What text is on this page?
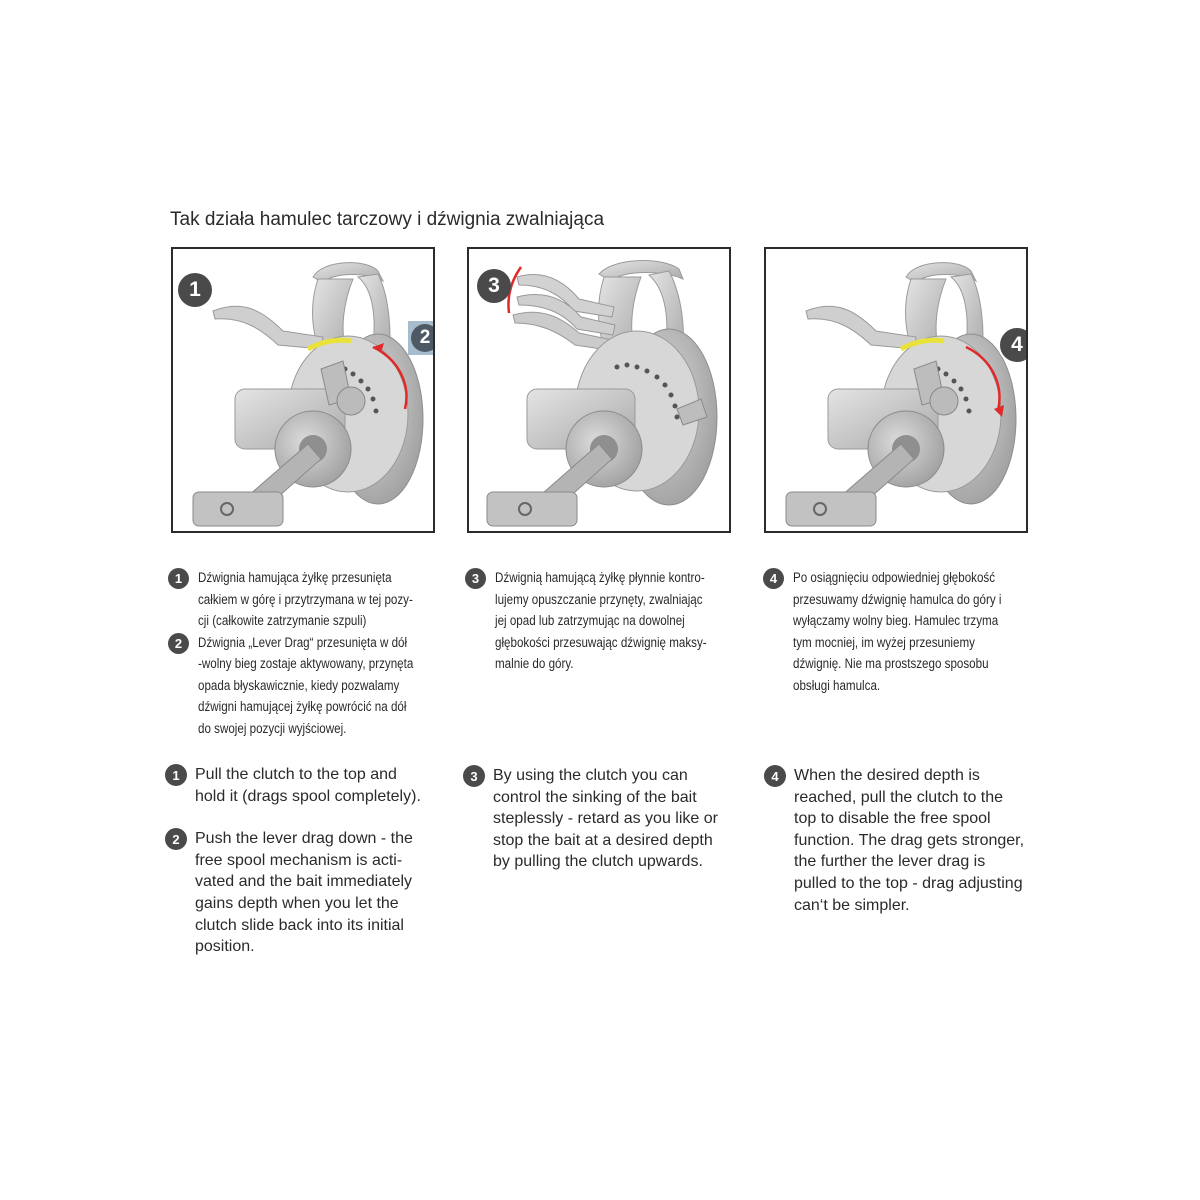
Tak działa hamulec tarczowy i dźwignia zwalniająca
1
2
3
4
1	Dźwignia hamująca żyłkę przesunięta
całkiem w górę i przytrzymana w tej pozy-
cji (całkowite zatrzymanie szpuli)
2	Dźwignia „Lever Drag“ przesunięta w dół
-wolny bieg zostaje aktywowany, przynęta
opada błyskawicznie, kiedy pozwalamy
dźwigni hamującej żyłkę powrócić na dół
do swojej pozycji wyjściowej.
3	Dźwignią hamującą żyłkę płynnie kontro-
lujemy opuszczanie przynęty, zwalniając
jej opad lub zatrzymując na dowolnej
głębokości przesuwając dźwignię maksy-
malnie do góry.
4	Po osiągnięciu odpowiedniej głębokość
przesuwamy dźwignię hamulca do góry i
wyłączamy wolny bieg. Hamulec trzyma
tym mocniej, im wyżej przesuniemy
dźwignię. Nie ma prostszego sposobu
obsługi hamulca.
1 Pull the clutch to the top and
hold it (drags spool completely).
2 Push the lever drag down - the
free spool mechanism is acti-
vated and the bait immediately
gains depth when you let the
clutch slide back into its initial
position.
3 By using the clutch you can
control the sinking of the bait
steplessly - retard as you like or
stop the bait at a desired depth
by pulling the clutch upwards.
4 When the desired depth is
reached, pull the clutch to the
top to disable the free spool
function. The drag gets stronger,
the further the lever drag is
pulled to the top - drag adjusting
can‘t be simpler.
